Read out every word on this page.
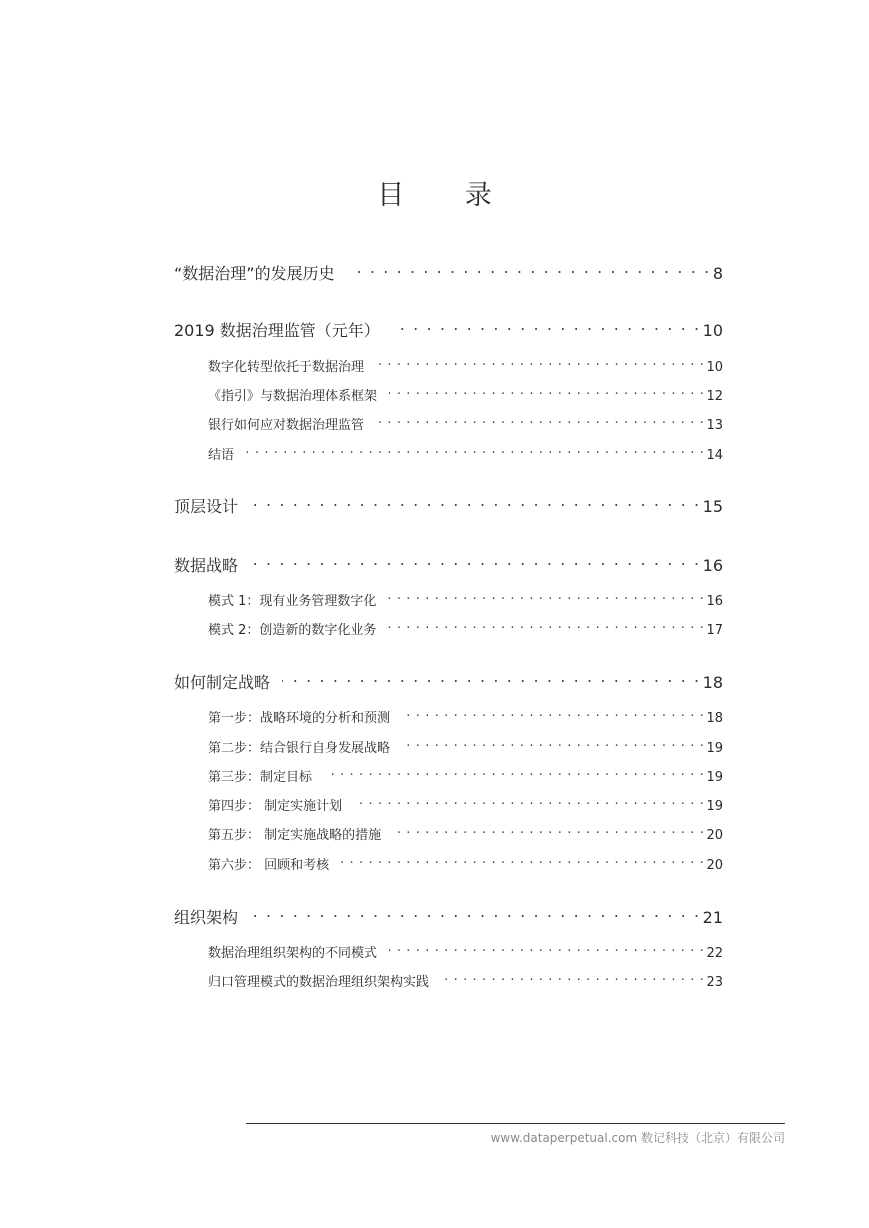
目 录
“数据治理”的发展历史 . . .	8
2019 数据治理监管（元年） . . .	10
数字化转型依托于数据治理 . . .	10
《指引》与数据治理体系框架 . . .	12
银行如何应对数据治理监管 . . .	13
结语 . . .	14
顶层设计 . . .	15
数据战略 . . .	16
模式 1：现有业务管理数字化 . . .	16
模式 2：创造新的数字化业务 . . .	17
如何制定战略 . . .	18
第一步：战略环境的分析和预测 . . .	18
第二步：结合银行自身发展战略 . . .	19
第三步：制定目标 . . .	19
第四步： 制定实施计划 . . .	19
第五步： 制定实施战略的措施 . . .	20
第六步： 回顾和考核 . . .	20
组织架构 . . .	21
数据治理组织架构的不同模式 . . .	22
归口管理模式的数据治理组织架构实践 . . .	23
www.dataperpetual.com 数记科技（北京）有限公司
